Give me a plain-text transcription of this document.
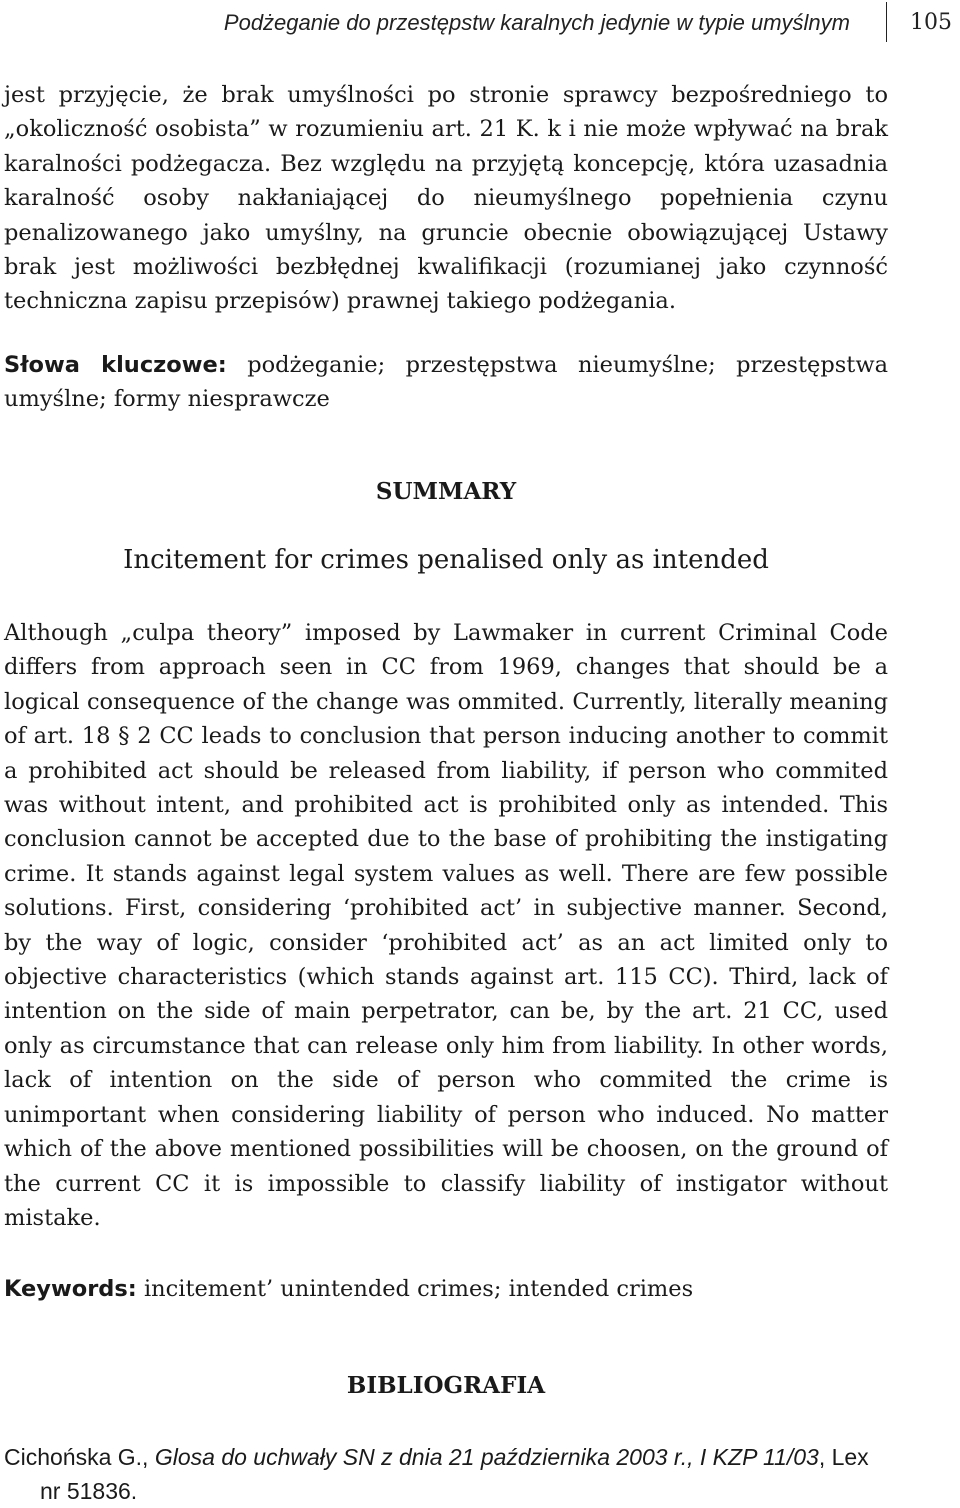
Podżeganie do przestępstw karalnych jedynie w typie umyślnym	105

jest przyjęcie, że brak umyślności po stronie sprawcy bezpośredniego to „okoliczność osobista” w rozumieniu art. 21 K. k i nie może wpływać na brak karalności podżegacza. Bez względu na przyjętą koncepcję, która uzasadnia karalność osoby nakłaniającej do nieumyślnego popełnienia czynu penalizowanego jako umyślny, na gruncie obecnie obowiązującej Ustawy brak jest możliwości bezbłędnej kwalifikacji (rozumianej jako czynność techniczna zapisu przepisów) prawnej takiego podżegania.

Słowa kluczowe: podżeganie; przestępstwa nieumyślne; przestępstwa umyślne; formy niesprawcze

SUMMARY
Incitement for crimes penalised only as intended

Although „culpa theory” imposed by Lawmaker in current Criminal Code differs from approach seen in CC from 1969, changes that should be a logical consequence of the change was ommited. Currently, literally meaning of art. 18 § 2 CC leads to conclusion that person inducing another to commit a prohibited act should be released from liability, if person who commited was without intent, and prohibited act is prohibited only as intended. This conclusion cannot be accepted due to the base of prohibiting the instigating crime. It stands against legal system values as well. There are few possible solutions. First, considering ‘prohibited act’ in subjective manner. Second, by the way of logic, consider ‘prohibited act’ as an act limited only to objective characteristics (which stands against art. 115 CC). Third, lack of intention on the side of main perpetrator, can be, by the art. 21 CC, used only as circumstance that can release only him from liability. In other words, lack of intention on the side of person who commited the crime is unimportant when considering liability of person who induced. No matter which of the above mentioned possibilities will be choosen, on the ground of the current CC it is impossible to classify liability of instigator without mistake.

Keywords: incitement’ unintended crimes; intended crimes

BIBLIOGRAFIA

Cichońska G., Glosa do uchwały SN z dnia 21 października 2003 r., I KZP 11/03, Lex nr 51836.
